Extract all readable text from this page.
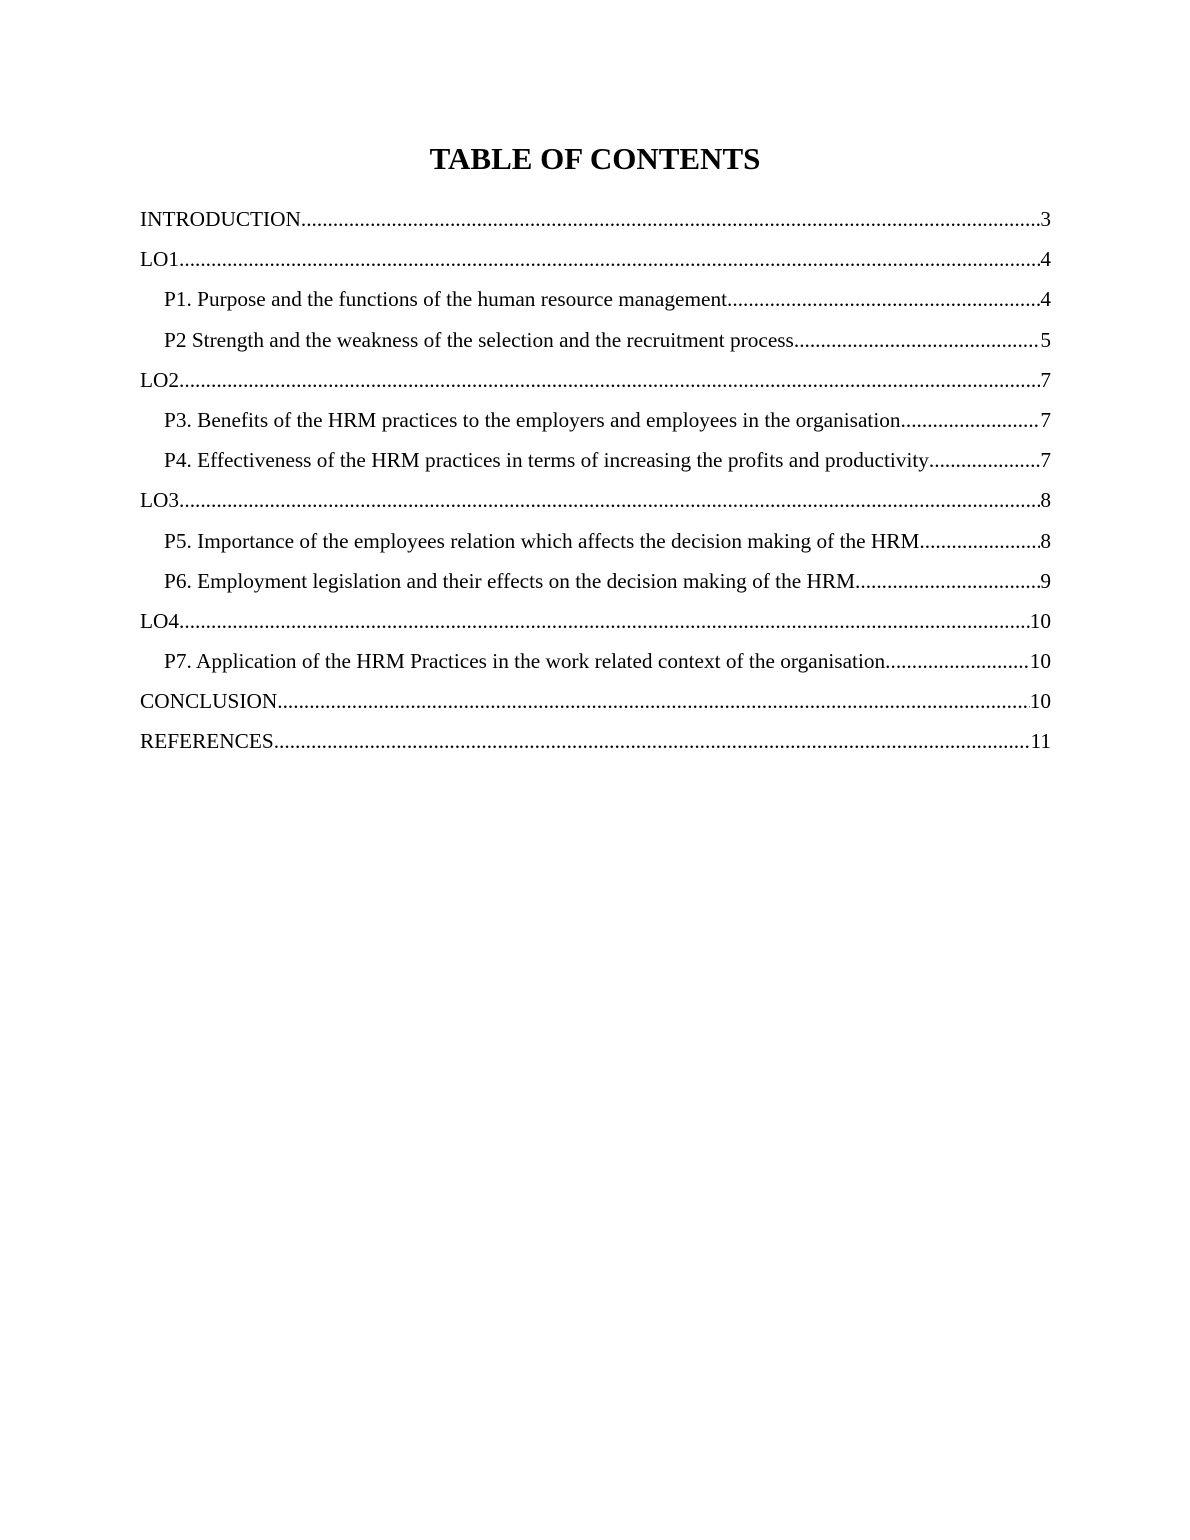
TABLE OF CONTENTS
INTRODUCTION .....	3
LO1 .....	4
P1. Purpose and the functions of the human resource management. .....	4
P2 Strength and the weakness of the selection and the recruitment process. .....	5
LO2 .....	7
P3. Benefits of the HRM practices to the employers and employees in the organisation. .....	7
P4. Effectiveness of the HRM practices in terms of increasing the profits and productivity .....	7
LO3 .....	8
P5. Importance of the employees relation which affects the decision making of the HRM. .....	8
P6. Employment legislation and their effects on the decision making of the HRM. .....	9
LO4 .....	10
P7. Application of the HRM Practices in the work related context of the organisation. .....	10
CONCLUSION .....	10
REFERENCES .....	11
